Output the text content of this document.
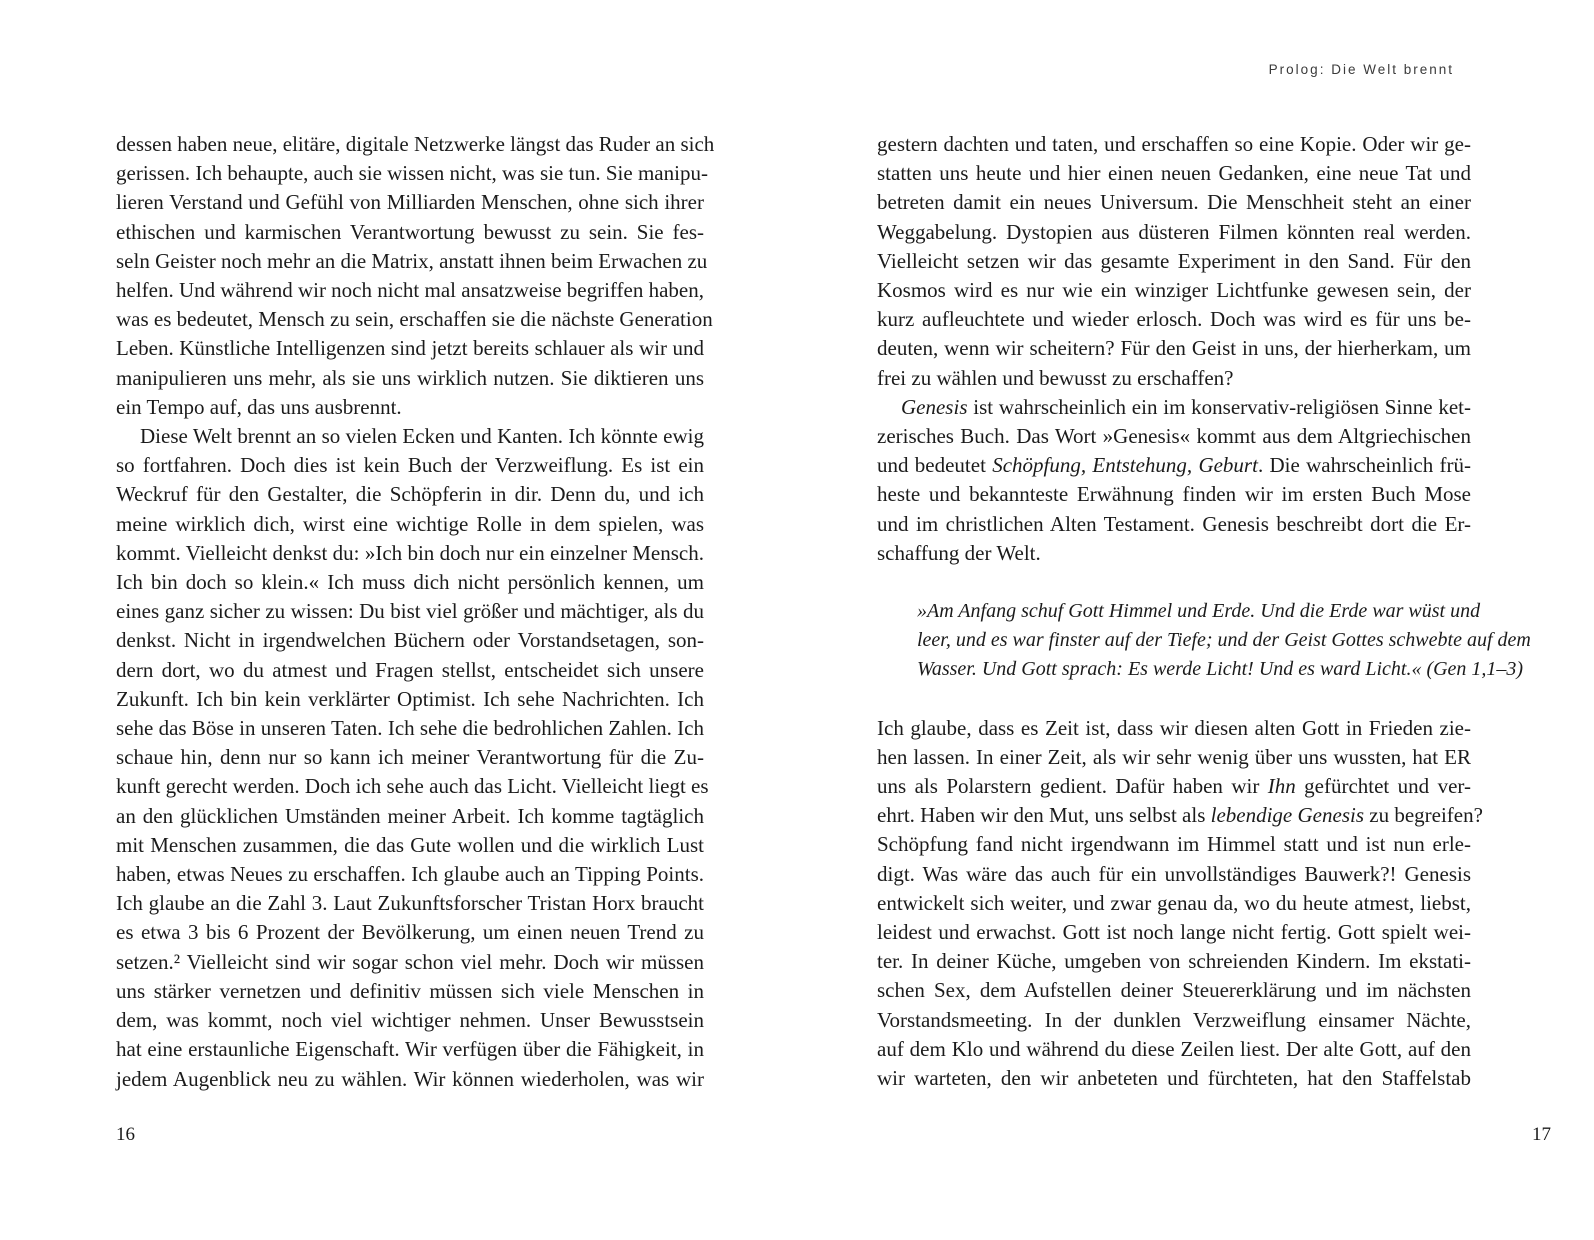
dessen haben neue, elitäre, digitale Netzwerke längst das Ruder an sich
gerissen. Ich behaupte, auch sie wissen nicht, was sie tun. Sie manipu-
lieren Verstand und Gefühl von Milliarden Menschen, ohne sich ihrer
ethischen und karmischen Verantwortung bewusst zu sein. Sie fes-
seln Geister noch mehr an die Matrix, anstatt ihnen beim Erwachen zu
helfen. Und während wir noch nicht mal ansatzweise begriffen haben,
was es bedeutet, Mensch zu sein, erschaffen sie die nächste Generation
Leben. Künstliche Intelligenzen sind jetzt bereits schlauer als wir und
manipulieren uns mehr, als sie uns wirklich nutzen. Sie diktieren uns
ein Tempo auf, das uns ausbrennt.
Diese Welt brennt an so vielen Ecken und Kanten. Ich könnte ewig
so fortfahren. Doch dies ist kein Buch der Verzweiflung. Es ist ein
Weckruf für den Gestalter, die Schöpferin in dir. Denn du, und ich
meine wirklich dich, wirst eine wichtige Rolle in dem spielen, was
kommt. Vielleicht denkst du: »Ich bin doch nur ein einzelner Mensch.
Ich bin doch so klein.« Ich muss dich nicht persönlich kennen, um
eines ganz sicher zu wissen: Du bist viel größer und mächtiger, als du
denkst. Nicht in irgendwelchen Büchern oder Vorstandsetagen, son-
dern dort, wo du atmest und Fragen stellst, entscheidet sich unsere
Zukunft. Ich bin kein verklärter Optimist. Ich sehe Nachrichten. Ich
sehe das Böse in unseren Taten. Ich sehe die bedrohlichen Zahlen. Ich
schaue hin, denn nur so kann ich meiner Verantwortung für die Zu-
kunft gerecht werden. Doch ich sehe auch das Licht. Vielleicht liegt es
an den glücklichen Umständen meiner Arbeit. Ich komme tagtäglich
mit Menschen zusammen, die das Gute wollen und die wirklich Lust
haben, etwas Neues zu erschaffen. Ich glaube auch an Tipping Points.
Ich glaube an die Zahl 3. Laut Zukunftsforscher Tristan Horx braucht
es etwa 3 bis 6 Prozent der Bevölkerung, um einen neuen Trend zu
setzen.² Vielleicht sind wir sogar schon viel mehr. Doch wir müssen
uns stärker vernetzen und definitiv müssen sich viele Menschen in
dem, was kommt, noch viel wichtiger nehmen. Unser Bewusstsein
hat eine erstaunliche Eigenschaft. Wir verfügen über die Fähigkeit, in
jedem Augenblick neu zu wählen. Wir können wiederholen, was wir
16
Prolog: Die Welt brennt
gestern dachten und taten, und erschaffen so eine Kopie. Oder wir ge-
statten uns heute und hier einen neuen Gedanken, eine neue Tat und
betreten damit ein neues Universum. Die Menschheit steht an einer
Weggabelung. Dystopien aus düsteren Filmen könnten real werden.
Vielleicht setzen wir das gesamte Experiment in den Sand. Für den
Kosmos wird es nur wie ein winziger Lichtfunke gewesen sein, der
kurz aufleuchtete und wieder erlosch. Doch was wird es für uns be-
deuten, wenn wir scheitern? Für den Geist in uns, der hierherkam, um
frei zu wählen und bewusst zu erschaffen?
Genesis ist wahrscheinlich ein im konservativ-religiösen Sinne ket-
zerisches Buch. Das Wort »Genesis« kommt aus dem Altgriechischen
und bedeutet Schöpfung, Entstehung, Geburt. Die wahrscheinlich frü-
heste und bekannteste Erwähnung finden wir im ersten Buch Mose
und im christlichen Alten Testament. Genesis beschreibt dort die Er-
schaffung der Welt.
»Am Anfang schuf Gott Himmel und Erde. Und die Erde war wüst und
leer, und es war finster auf der Tiefe; und der Geist Gottes schwebte auf dem
Wasser. Und Gott sprach: Es werde Licht! Und es ward Licht.« (Gen 1,1–3)
Ich glaube, dass es Zeit ist, dass wir diesen alten Gott in Frieden zie-
hen lassen. In einer Zeit, als wir sehr wenig über uns wussten, hat ER
uns als Polarstern gedient. Dafür haben wir Ihn gefürchtet und ver-
ehrt. Haben wir den Mut, uns selbst als lebendige Genesis zu begreifen?
Schöpfung fand nicht irgendwann im Himmel statt und ist nun erle-
digt. Was wäre das auch für ein unvollständiges Bauwerk?! Genesis
entwickelt sich weiter, und zwar genau da, wo du heute atmest, liebst,
leidest und erwachst. Gott ist noch lange nicht fertig. Gott spielt wei-
ter. In deiner Küche, umgeben von schreienden Kindern. Im ekstati-
schen Sex, dem Aufstellen deiner Steuererklärung und im nächsten
Vorstandsmeeting. In der dunklen Verzweiflung einsamer Nächte,
auf dem Klo und während du diese Zeilen liest. Der alte Gott, auf den
wir warteten, den wir anbeteten und fürchteten, hat den Staffelstab
17
